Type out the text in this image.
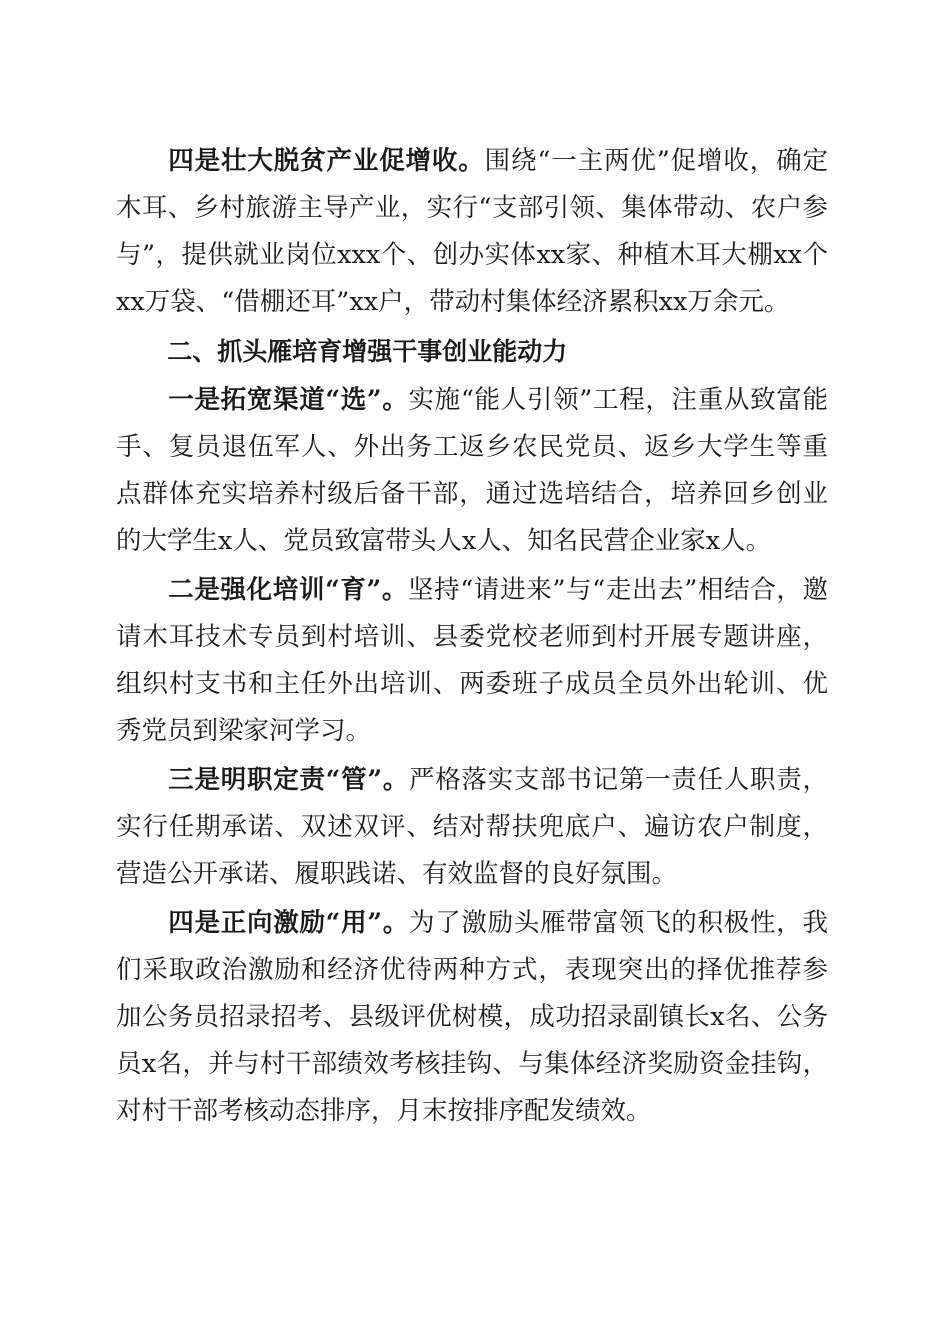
四是壮大脱贫产业促增收。围绕“一主两优”促增收，确定木耳、乡村旅游主导产业，实行“支部引领、集体带动、农户参与”，提供就业岗位xxx个、创办实体xx家、种植木耳大棚xx个xx万袋、“借棚还耳”xx户，带动村集体经济累积xx万余元。

二、抓头雁培育增强干事创业能动力

一是拓宽渠道“选”。实施“能人引领”工程，注重从致富能手、复员退伍军人、外出务工返乡农民党员、返乡大学生等重点群体充实培养村级后备干部，通过选培结合，培养回乡创业的大学生x人、党员致富带头人x人、知名民营企业家x人。

二是强化培训“育”。坚持“请进来”与“走出去”相结合，邀请木耳技术专员到村培训、县委党校老师到村开展专题讲座，组织村支书和主任外出培训、两委班子成员全员外出轮训、优秀党员到梁家河学习。

三是明职定责“管”。严格落实支部书记第一责任人职责，实行任期承诺、双述双评、结对帮扶兜底户、遍访农户制度，营造公开承诺、履职践诺、有效监督的良好氛围。

四是正向激励“用”。为了激励头雁带富领飞的积极性，我们采取政治激励和经济优待两种方式，表现突出的择优推荐参加公务员招录招考、县级评优树模，成功招录副镇长x名、公务员x名，并与村干部绩效考核挂钩、与集体经济奖励资金挂钩，对村干部考核动态排序，月末按排序配发绩效。
